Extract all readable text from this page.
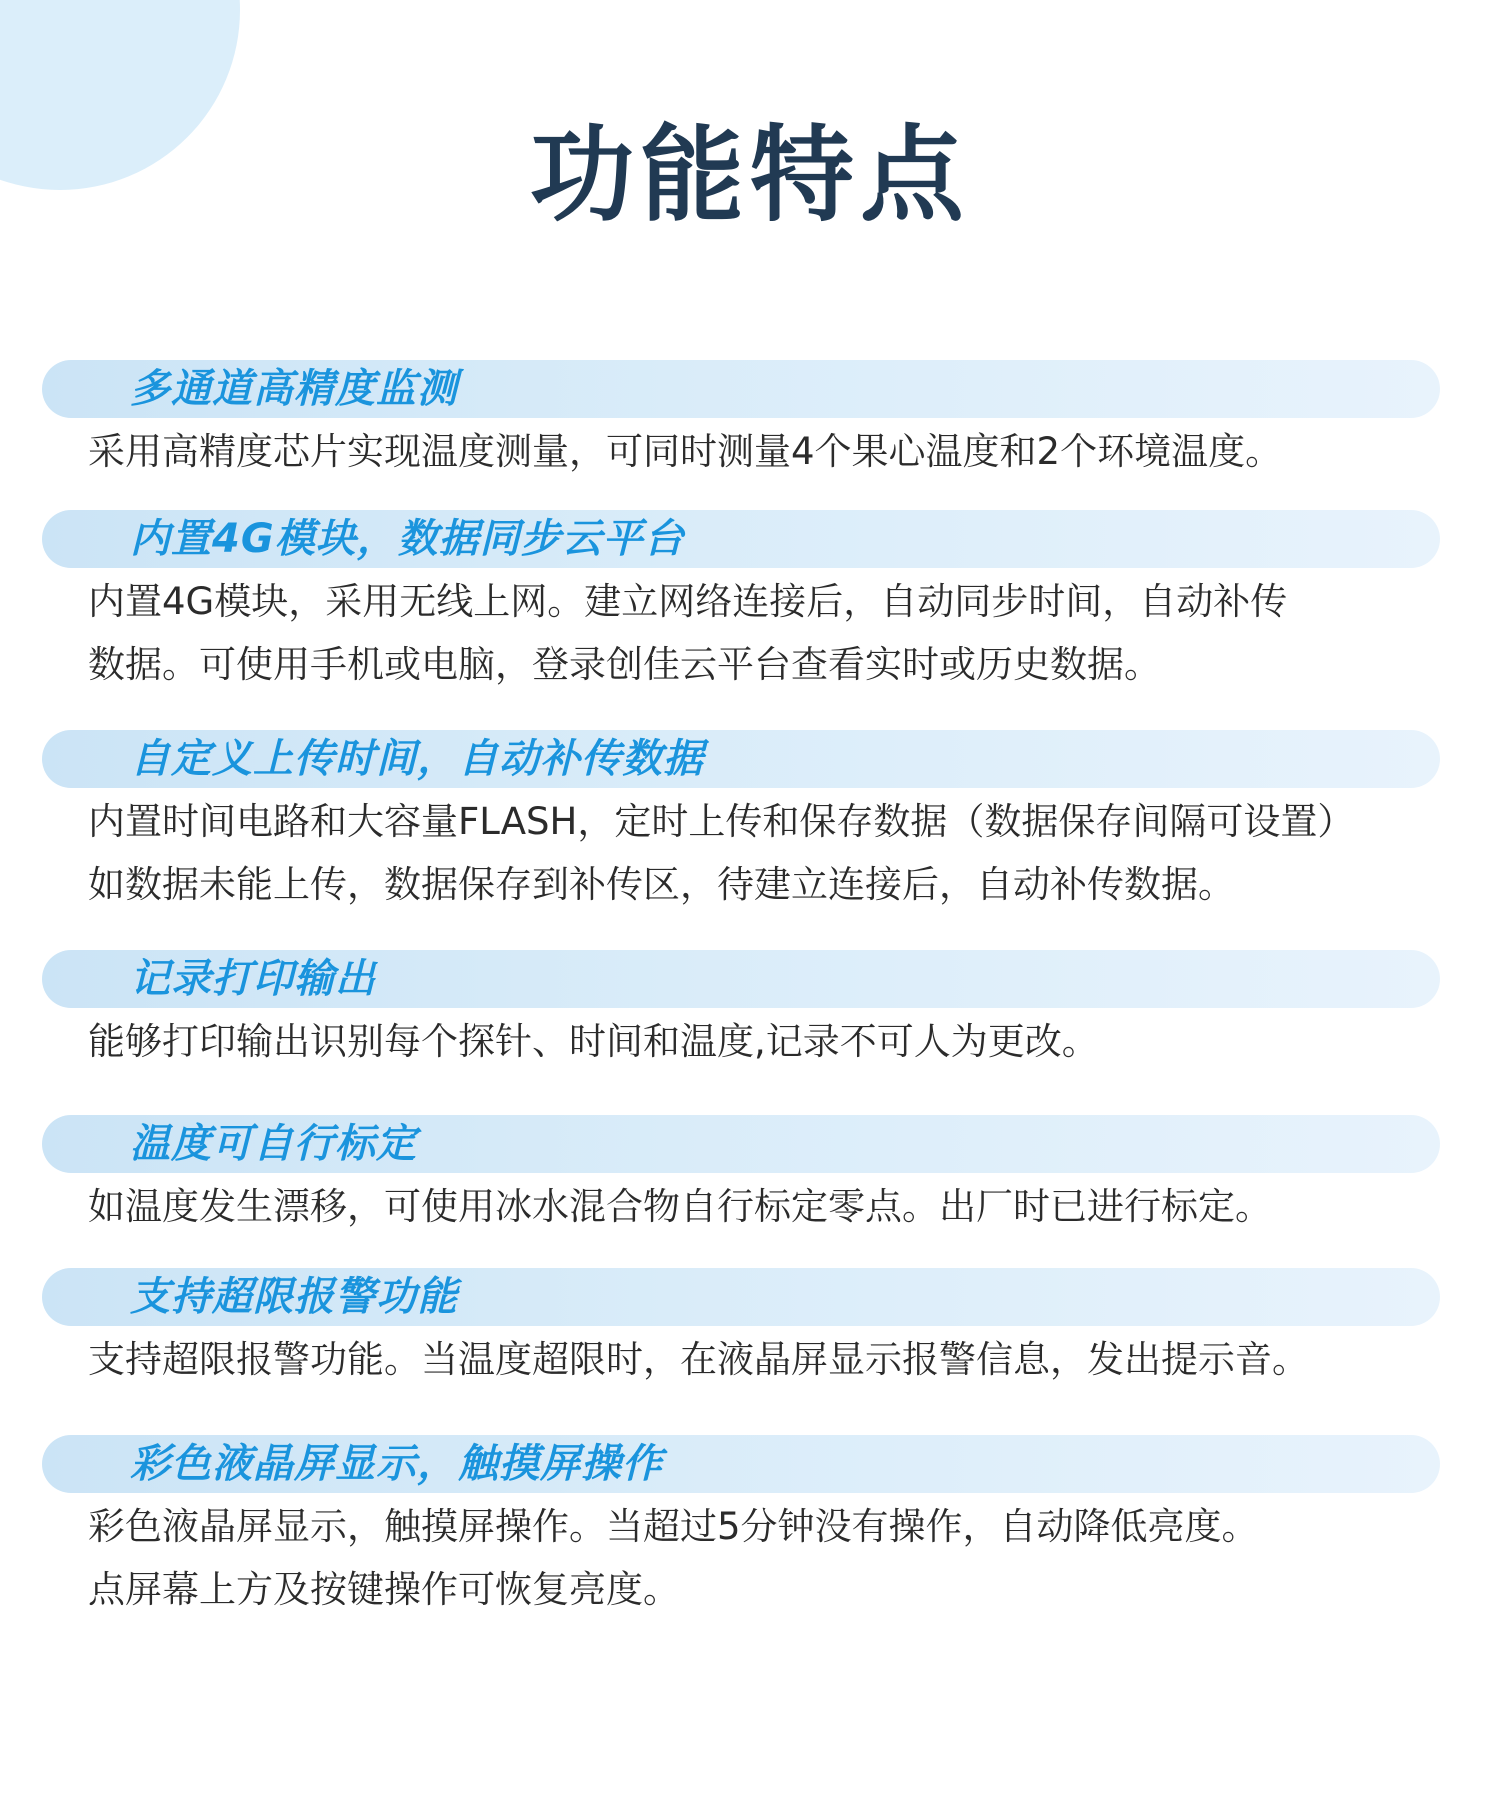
功能特点
多通道高精度监测
采用高精度芯片实现温度测量，可同时测量4个果心温度和2个环境温度。
内置4G模块，数据同步云平台
内置4G模块，采用无线上网。建立网络连接后，自动同步时间，自动补传
数据。可使用手机或电脑，登录创佳云平台查看实时或历史数据。
自定义上传时间，自动补传数据
内置时间电路和大容量FLASH，定时上传和保存数据（数据保存间隔可设置）
如数据未能上传，数据保存到补传区，待建立连接后，自动补传数据。
记录打印输出
能够打印输出识别每个探针、时间和温度,记录不可人为更改。
温度可自行标定
如温度发生漂移，可使用冰水混合物自行标定零点。出厂时已进行标定。
支持超限报警功能
支持超限报警功能。当温度超限时，在液晶屏显示报警信息，发出提示音。
彩色液晶屏显示，触摸屏操作
彩色液晶屏显示，触摸屏操作。当超过5分钟没有操作，自动降低亮度。
点屏幕上方及按键操作可恢复亮度。
